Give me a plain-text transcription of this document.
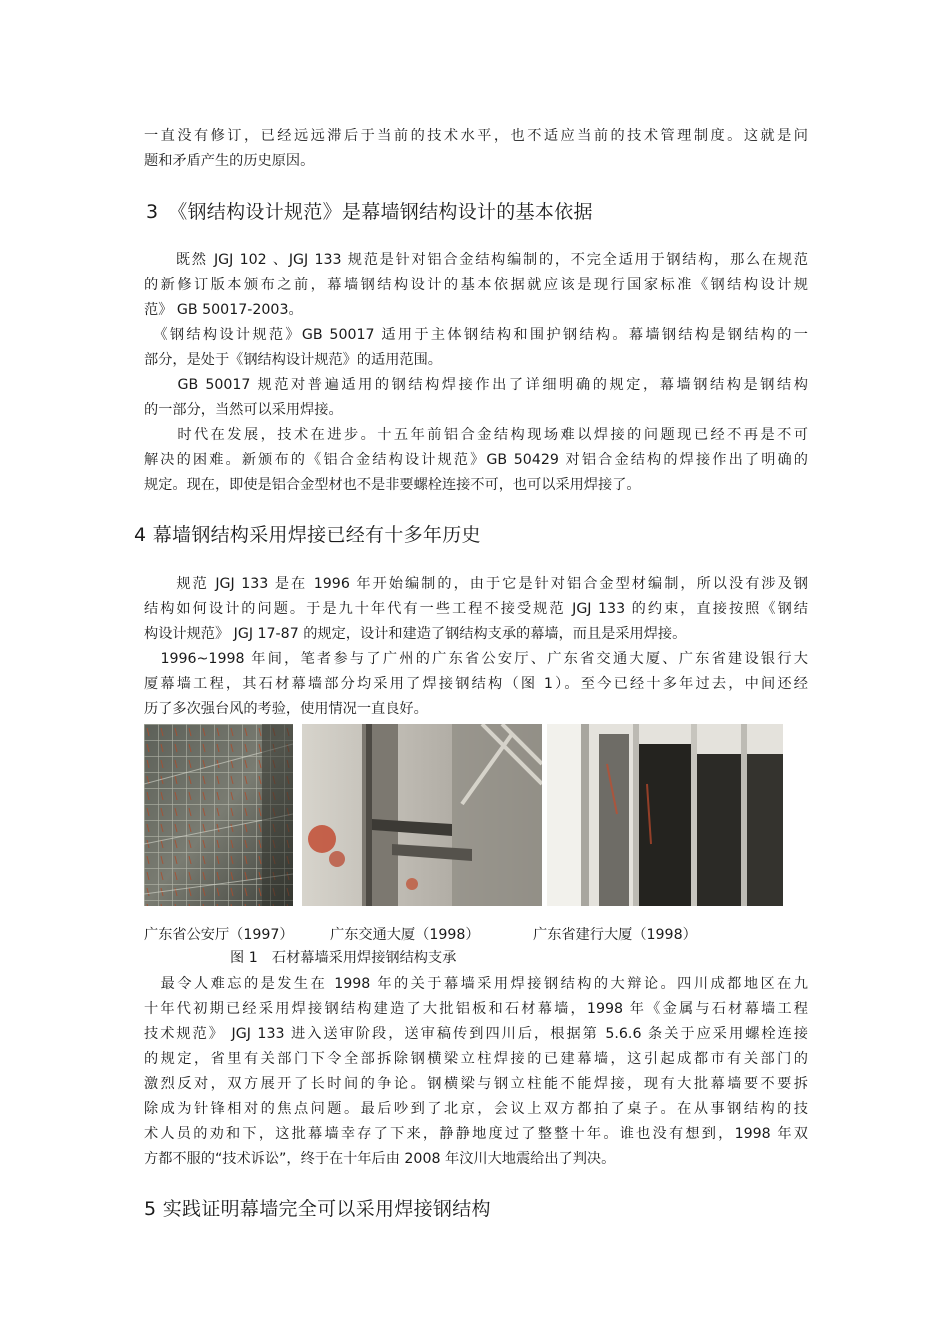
一直没有修订，已经远远滞后于当前的技术水平，也不适应当前的技术管理制度。这就是问
题和矛盾产生的历史原因。
3　《钢结构设计规范》是幕墙钢结构设计的基本依据
　　既然 JGJ 102 、JGJ 133 规范是针对铝合金结构编制的，不完全适用于钢结构，那么在规范
的新修订版本颁布之前，幕墙钢结构设计的基本依据就应该是现行国家标准《钢结构设计规
范》 GB 50017-2003。
　《钢结构设计规范》GB 50017 适用于主体钢结构和围护钢结构。幕墙钢结构是钢结构的一
部分，是处于《钢结构设计规范》的适用范围。
　　GB 50017 规范对普遍适用的钢结构焊接作出了详细明确的规定，幕墙钢结构是钢结构
的一部分，当然可以采用焊接。
　　时代在发展，技术在进步。十五年前铝合金结构现场难以焊接的问题现已经不再是不可
解决的困难。新颁布的《铝合金结构设计规范》GB 50429 对铝合金结构的焊接作出了明确的
规定。现在，即使是铝合金型材也不是非要螺栓连接不可，也可以采用焊接了。
4 幕墙钢结构采用焊接已经有十多年历史
　　规范 JGJ 133 是在 1996 年开始编制的，由于它是针对铝合金型材编制，所以没有涉及钢
结构如何设计的问题。于是九十年代有一些工程不接受规范 JGJ 133 的约束，直接按照《钢结
构设计规范》 JGJ 17-87 的规定，设计和建造了钢结构支承的幕墙，而且是采用焊接。
　1996~1998 年间，笔者参与了广州的广东省公安厅、广东省交通大厦、广东省建设银行大
厦幕墙工程，其石材幕墙部分均采用了焊接钢结构（图 1）。至今已经十多年过去，中间还经
历了多次强台风的考验，使用情况一直良好。
广东省公安厅（1997）	广东交通大厦（1998）	广东省建行大厦（1998）
图 1　石材幕墙采用焊接钢结构支承
　最令人难忘的是发生在 1998 年的关于幕墙采用焊接钢结构的大辩论。四川成都地区在九
十年代初期已经采用焊接钢结构建造了大批铝板和石材幕墙，1998 年《金属与石材幕墙工程
技术规范》 JGJ 133 进入送审阶段，送审稿传到四川后，根据第 5.6.6 条关于应采用螺栓连接
的规定，省里有关部门下令全部拆除钢横梁立柱焊接的已建幕墙，这引起成都市有关部门的
激烈反对，双方展开了长时间的争论。钢横梁与钢立柱能不能焊接，现有大批幕墙要不要拆
除成为针锋相对的焦点问题。最后吵到了北京，会议上双方都拍了桌子。在从事钢结构的技
术人员的劝和下，这批幕墙幸存了下来，静静地度过了整整十年。谁也没有想到，1998 年双
方都不服的“技术诉讼”，终于在十年后由 2008 年汶川大地震给出了判决。
5 实践证明幕墙完全可以采用焊接钢结构
